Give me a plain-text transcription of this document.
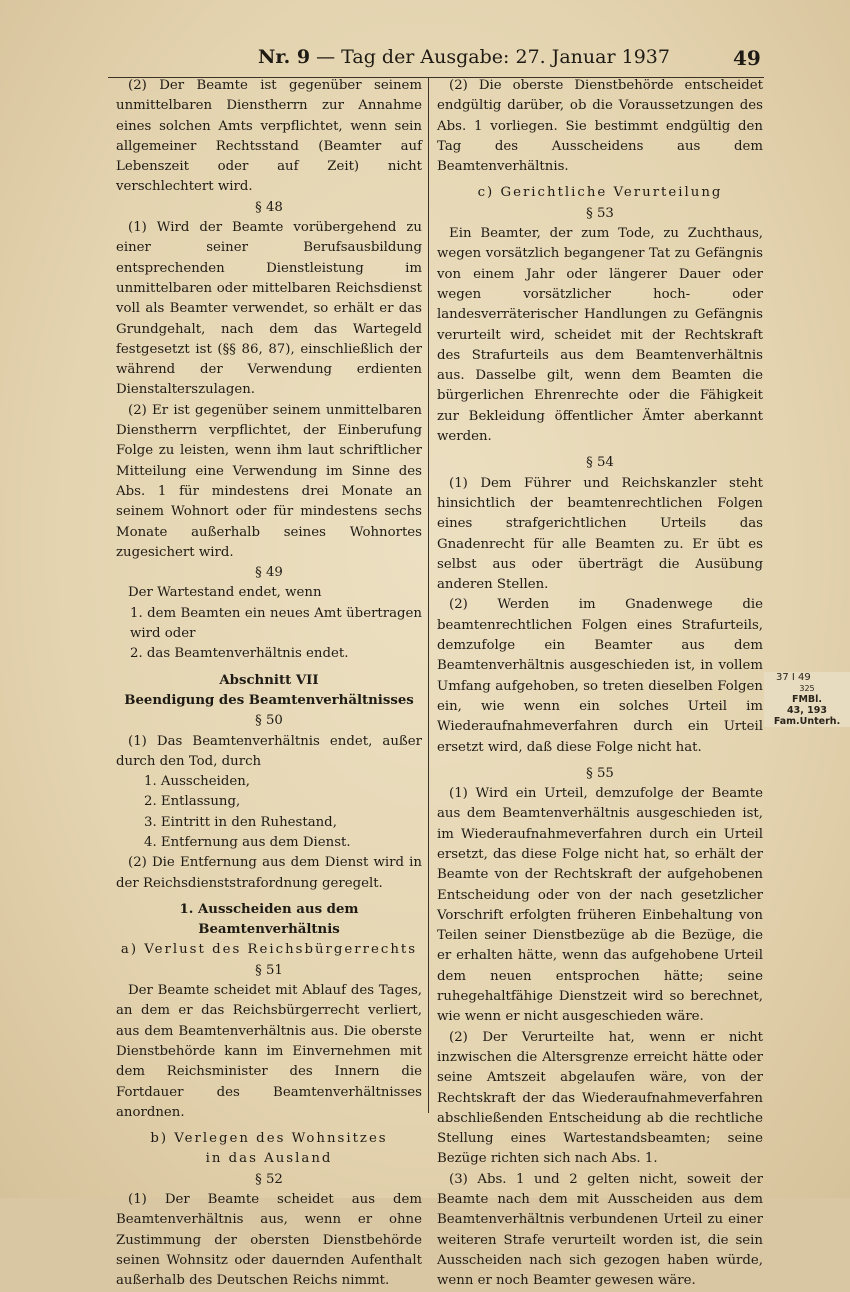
Nr. 9 — Tag der Ausgabe: 27. Januar 1937	49

(2) Der Beamte ist gegenüber seinem unmittelbaren Dienstherrn zur Annahme eines solchen Amts verpflichtet, wenn sein allgemeiner Rechtsstand (Beamter auf Lebenszeit oder auf Zeit) nicht verschlechtert wird.

§ 48

(1) Wird der Beamte vorübergehend zu einer seiner Berufsausbildung entsprechenden Dienstleistung im unmittelbaren oder mittelbaren Reichsdienst voll als Beamter verwendet, so erhält er das Grundgehalt, nach dem das Wartegeld festgesetzt ist (§§ 86, 87), einschließlich der während der Verwendung erdienten Dienstalterszulagen.

(2) Er ist gegenüber seinem unmittelbaren Dienstherrn verpflichtet, der Einberufung Folge zu leisten, wenn ihm laut schriftlicher Mitteilung eine Verwendung im Sinne des Abs. 1 für mindestens drei Monate an seinem Wohnort oder für mindestens sechs Monate außerhalb seines Wohnortes zugesichert wird.

§ 49

Der Wartestand endet, wenn

1. dem Beamten ein neues Amt übertragen wird oder

2. das Beamtenverhältnis endet.

Abschnitt VII

Beendigung des Beamtenverhältnisses

§ 50

(1) Das Beamtenverhältnis endet, außer durch den Tod, durch

1. Ausscheiden,

2. Entlassung,

3. Eintritt in den Ruhestand,

4. Entfernung aus dem Dienst.

(2) Die Entfernung aus dem Dienst wird in der Reichsdienststrafordnung geregelt.

1. Ausscheiden aus dem Beamtenverhältnis

a) Verlust des Reichsbürgerrechts

§ 51

Der Beamte scheidet mit Ablauf des Tages, an dem er das Reichsbürgerrecht verliert, aus dem Beamtenverhältnis aus. Die oberste Dienstbehörde kann im Einvernehmen mit dem Reichsminister des Innern die Fortdauer des Beamtenverhältnisses anordnen.

b) Verlegen des Wohnsitzes

in das Ausland

§ 52

(1) Der Beamte scheidet aus dem Beamtenverhältnis aus, wenn er ohne Zustimmung der obersten Dienstbehörde seinen Wohnsitz oder dauernden Aufenthalt außerhalb des Deutschen Reichs nimmt.

(2) Die oberste Dienstbehörde entscheidet endgültig darüber, ob die Voraussetzungen des Abs. 1 vorliegen. Sie bestimmt endgültig den Tag des Ausscheidens aus dem Beamtenverhältnis.

c) Gerichtliche Verurteilung

§ 53

Ein Beamter, der zum Tode, zu Zuchthaus, wegen vorsätzlich begangener Tat zu Gefängnis von einem Jahr oder längerer Dauer oder wegen vorsätzlicher hoch- oder landesverräterischer Handlungen zu Gefängnis verurteilt wird, scheidet mit der Rechtskraft des Strafurteils aus dem Beamtenverhältnis aus. Dasselbe gilt, wenn dem Beamten die bürgerlichen Ehrenrechte oder die Fähigkeit zur Bekleidung öffentlicher Ämter aberkannt werden.

§ 54

(1) Dem Führer und Reichskanzler steht hinsichtlich der beamtenrechtlichen Folgen eines strafgerichtlichen Urteils das Gnadenrecht für alle Beamten zu. Er übt es selbst aus oder überträgt die Ausübung anderen Stellen.

(2) Werden im Gnadenwege die beamtenrechtlichen Folgen eines Strafurteils, demzufolge ein Beamter aus dem Beamtenverhältnis ausgeschieden ist, in vollem Umfang aufgehoben, so treten dieselben Folgen ein, wie wenn ein solches Urteil im Wiederaufnahmeverfahren durch ein Urteil ersetzt wird, daß diese Folge nicht hat.

§ 55

(1) Wird ein Urteil, demzufolge der Beamte aus dem Beamtenverhältnis ausgeschieden ist, im Wiederaufnahmeverfahren durch ein Urteil ersetzt, das diese Folge nicht hat, so erhält der Beamte von der Rechtskraft der aufgehobenen Entscheidung oder von der nach gesetzlicher Vorschrift erfolgten früheren Einbehaltung von Teilen seiner Dienstbezüge ab die Bezüge, die er erhalten hätte, wenn das aufgehobene Urteil dem neuen entsprochen hätte; seine ruhegehaltfähige Dienstzeit wird so berechnet, wie wenn er nicht ausgeschieden wäre.

(2) Der Verurteilte hat, wenn er nicht inzwischen die Altersgrenze erreicht hätte oder seine Amtszeit abgelaufen wäre, von der Rechtskraft der das Wiederaufnahmeverfahren abschließenden Entscheidung ab die rechtliche Stellung eines Wartestandsbeamten; seine Bezüge richten sich nach Abs. 1.

(3) Abs. 1 und 2 gelten nicht, soweit der Beamte nach dem mit Ausscheiden aus dem Beamtenverhältnis verbundenen Urteil zu einer weiteren Strafe verurteilt worden ist, die sein Ausscheiden nach sich gezogen haben würde, wenn er noch Beamter gewesen wäre.

37 I 49
325
FMBl.
43, 193
Fam.Unterh.
